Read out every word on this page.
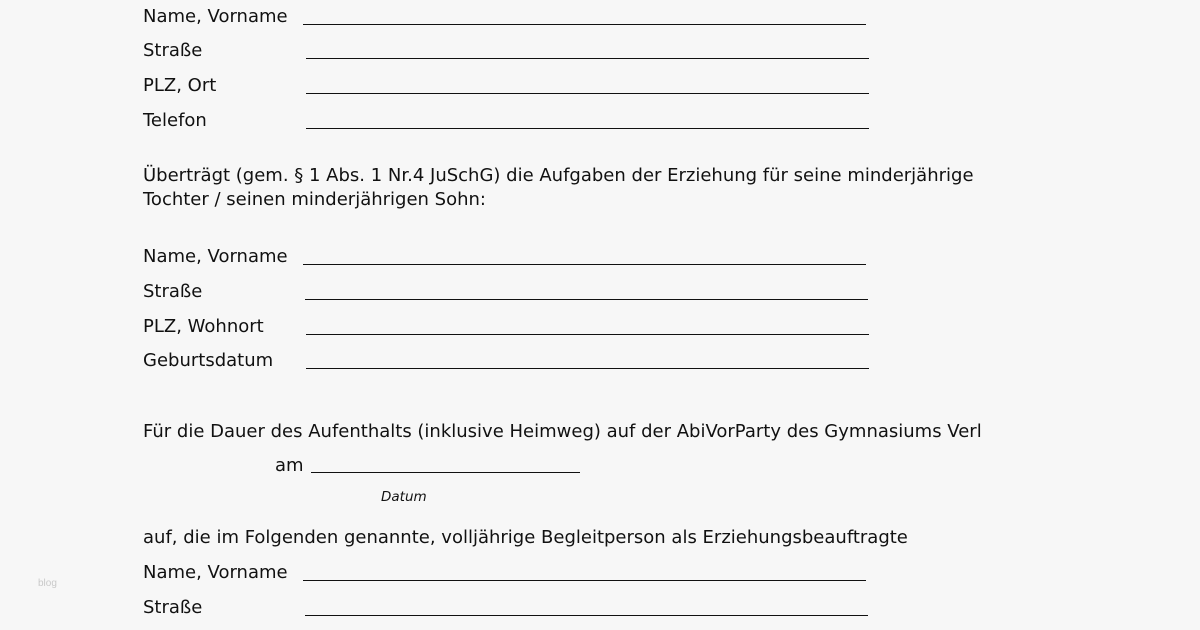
Name, Vorname
Straße
PLZ, Ort
Telefon
Überträgt (gem. § 1 Abs. 1 Nr.4 JuSchG) die Aufgaben der Erziehung für seine minderjährige
Tochter / seinen minderjährigen Sohn:
Name, Vorname
Straße
PLZ, Wohnort
Geburtsdatum
Für die Dauer des Aufenthalts (inklusive Heimweg) auf der AbiVorParty des Gymnasiums Verl
am
Datum
auf, die im Folgenden genannte, volljährige Begleitperson als Erziehungsbeauftragte
Name, Vorname
Straße
blog
